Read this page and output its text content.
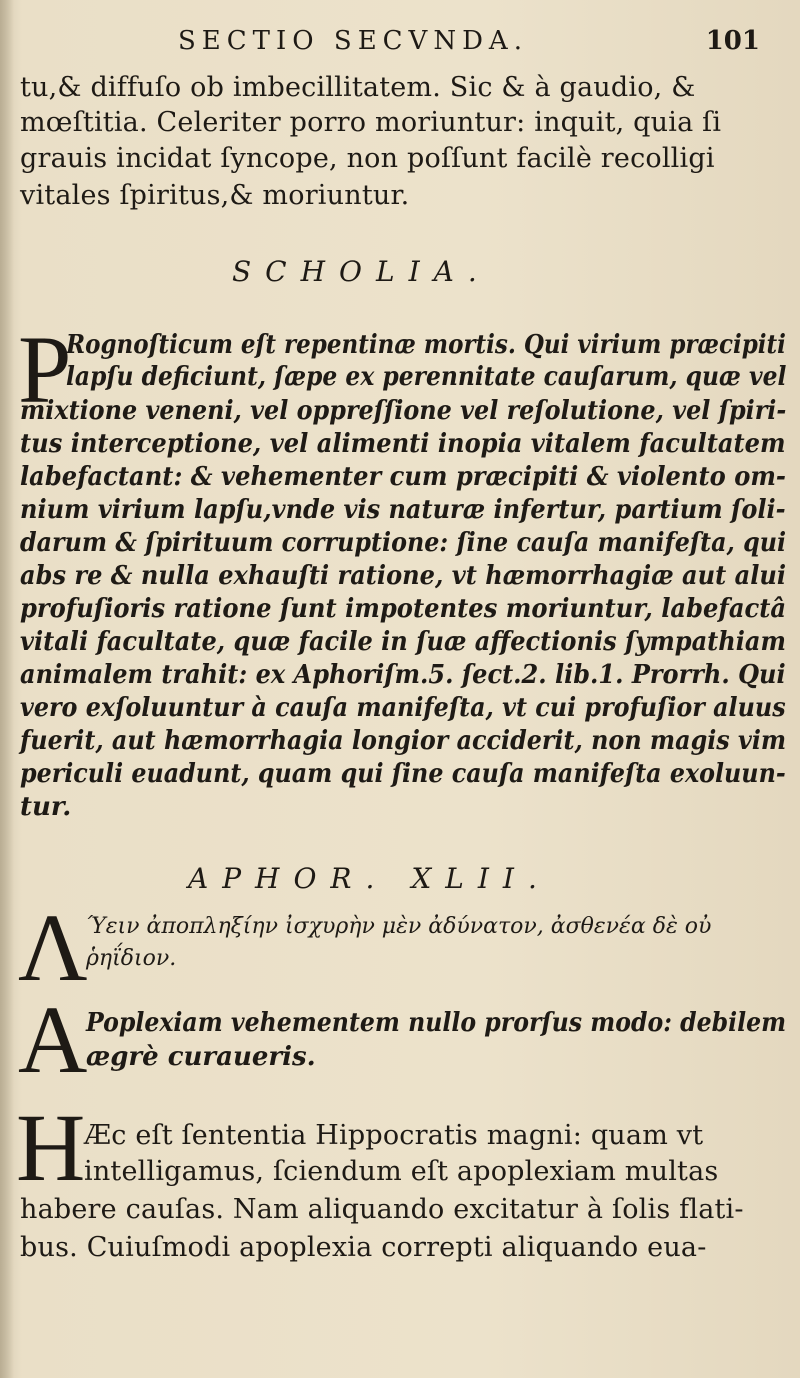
SECTIO SECVNDA.	101
tu,& diffuſo ob imbecillitatem. Sic & à gaudio, &
mœſtitia. Celeriter porro moriuntur: inquit, quia ſi
grauis incidat ſyncope, non poſſunt facilè recolligi
vitales ſpiritus,& moriuntur.
SCHOLIA.
P
Rognoſticum eſt repentinæ mortis. Qui virium præcipiti
lapſu deficiunt, ſæpe ex perennitate cauſarum, quæ vel
mixtione veneni, vel oppreſſione vel reſolutione, vel ſpiri-
tus interceptione, vel alimenti inopia vitalem facultatem
labefactant: & vehementer cum præcipiti & violento om-
nium virium lapſu,vnde vis naturæ infertur, partium ſoli-
darum & ſpirituum corruptione: ſine cauſa manifeſta, qui
abs re & nulla exhauſti ratione, vt hæmorrhagiæ aut alui
profuſioris ratione ſunt impotentes moriuntur, labefactâ
vitali facultate, quæ facile in ſuæ affectionis ſympathiam
animalem trahit: ex Aphoriſm.5. ſect.2. lib.1. Prorrh. Qui
vero exſoluuntur à cauſa manifeſta, vt cui profuſior aluus
fuerit, aut hæmorrhagia longior acciderit, non magis vim
periculi euadunt, quam qui ſine cauſa manifeſta exoluun-
tur.
APHOR. XLII.
Λ
Ύειν ἀποπληξίην ἰσχυρὴν μὲν ἀδύνατον, ἀσθενέα δὲ οὐ
ῥηΐδιον.
A
Poplexiam vehementem nullo prorſus modo: debilem
ægrè curaueris.
H
Æc eſt ſententia Hippocratis magni: quam vt
intelligamus, ſciendum eſt apoplexiam multas
habere cauſas. Nam aliquando excitatur à ſolis flati-
bus. Cuiuſmodi apoplexia correpti aliquando eua-
